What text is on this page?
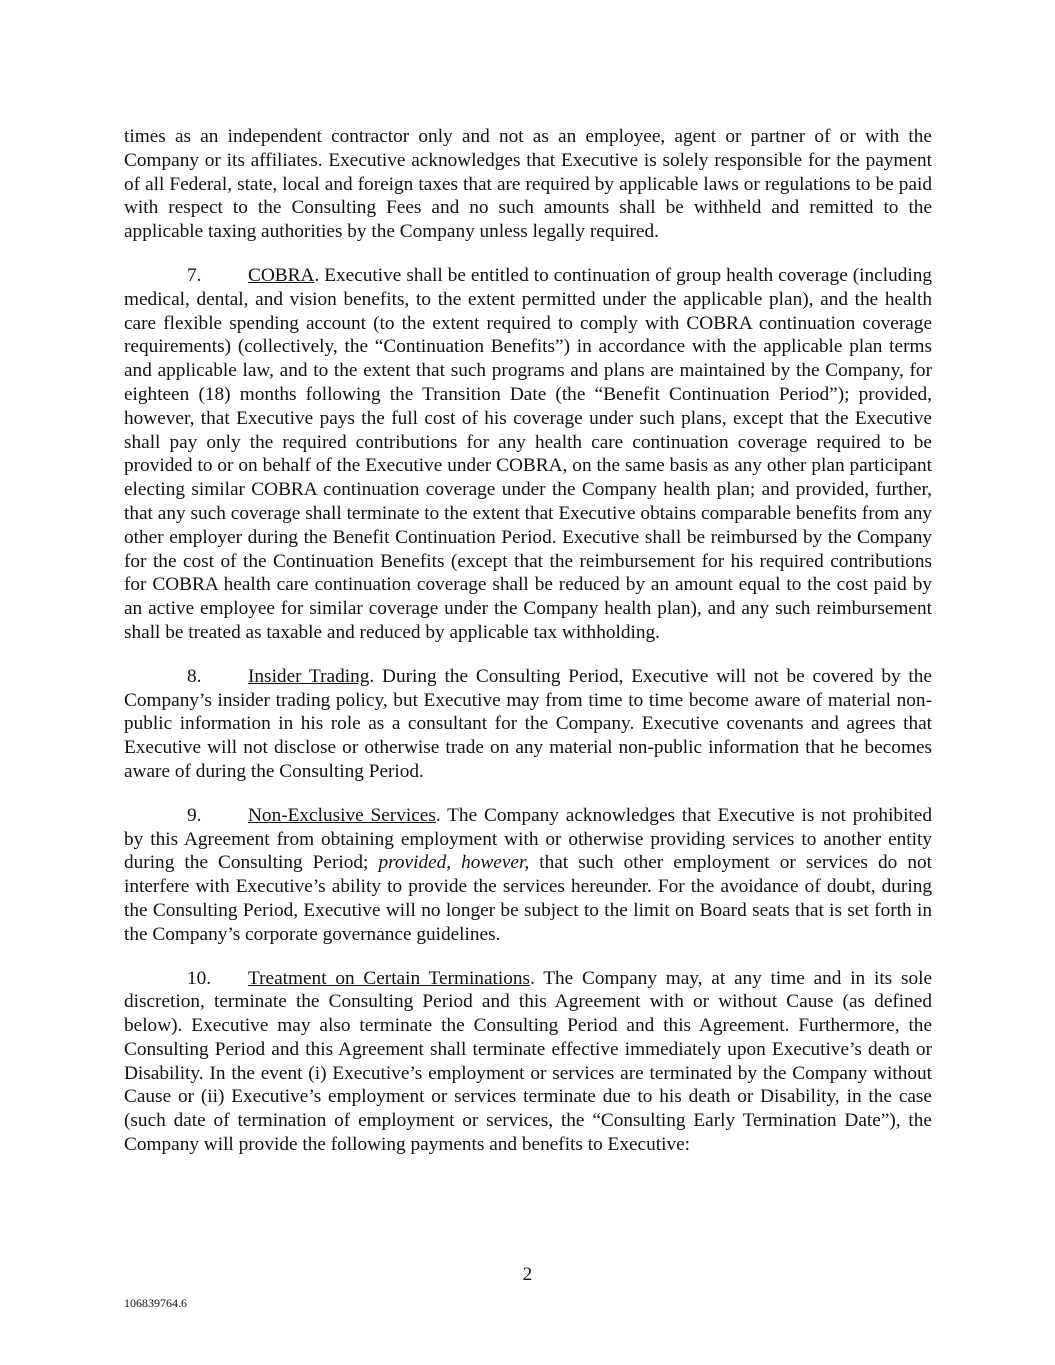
times as an independent contractor only and not as an employee, agent or partner of or with the Company or its affiliates. Executive acknowledges that Executive is solely responsible for the payment of all Federal, state, local and foreign taxes that are required by applicable laws or regulations to be paid with respect to the Consulting Fees and no such amounts shall be withheld and remitted to the applicable taxing authorities by the Company unless legally required.

7. COBRA. Executive shall be entitled to continuation of group health coverage (including medical, dental, and vision benefits, to the extent permitted under the applicable plan), and the health care flexible spending account (to the extent required to comply with COBRA continuation coverage requirements) (collectively, the “Continuation Benefits”) in accordance with the applicable plan terms and applicable law, and to the extent that such programs and plans are maintained by the Company, for eighteen (18) months following the Transition Date (the “Benefit Continuation Period”); provided, however, that Executive pays the full cost of his coverage under such plans, except that the Executive shall pay only the required contributions for any health care continuation coverage required to be provided to or on behalf of the Executive under COBRA, on the same basis as any other plan participant electing similar COBRA continuation coverage under the Company health plan; and provided, further, that any such coverage shall terminate to the extent that Executive obtains comparable benefits from any other employer during the Benefit Continuation Period. Executive shall be reimbursed by the Company for the cost of the Continuation Benefits (except that the reimbursement for his required contributions for COBRA health care continuation coverage shall be reduced by an amount equal to the cost paid by an active employee for similar coverage under the Company health plan), and any such reimbursement shall be treated as taxable and reduced by applicable tax withholding.

8. Insider Trading. During the Consulting Period, Executive will not be covered by the Company’s insider trading policy, but Executive may from time to time become aware of material non-public information in his role as a consultant for the Company. Executive covenants and agrees that Executive will not disclose or otherwise trade on any material non-public information that he becomes aware of during the Consulting Period.

9. Non-Exclusive Services. The Company acknowledges that Executive is not prohibited by this Agreement from obtaining employment with or otherwise providing services to another entity during the Consulting Period; provided, however, that such other employment or services do not interfere with Executive’s ability to provide the services hereunder. For the avoidance of doubt, during the Consulting Period, Executive will no longer be subject to the limit on Board seats that is set forth in the Company’s corporate governance guidelines.

10. Treatment on Certain Terminations. The Company may, at any time and in its sole discretion, terminate the Consulting Period and this Agreement with or without Cause (as defined below). Executive may also terminate the Consulting Period and this Agreement. Furthermore, the Consulting Period and this Agreement shall terminate effective immediately upon Executive’s death or Disability. In the event (i) Executive’s employment or services are terminated by the Company without Cause or (ii) Executive’s employment or services terminate due to his death or Disability, in the case (such date of termination of employment or services, the “Consulting Early Termination Date”), the Company will provide the following payments and benefits to Executive:

2
106839764.6
